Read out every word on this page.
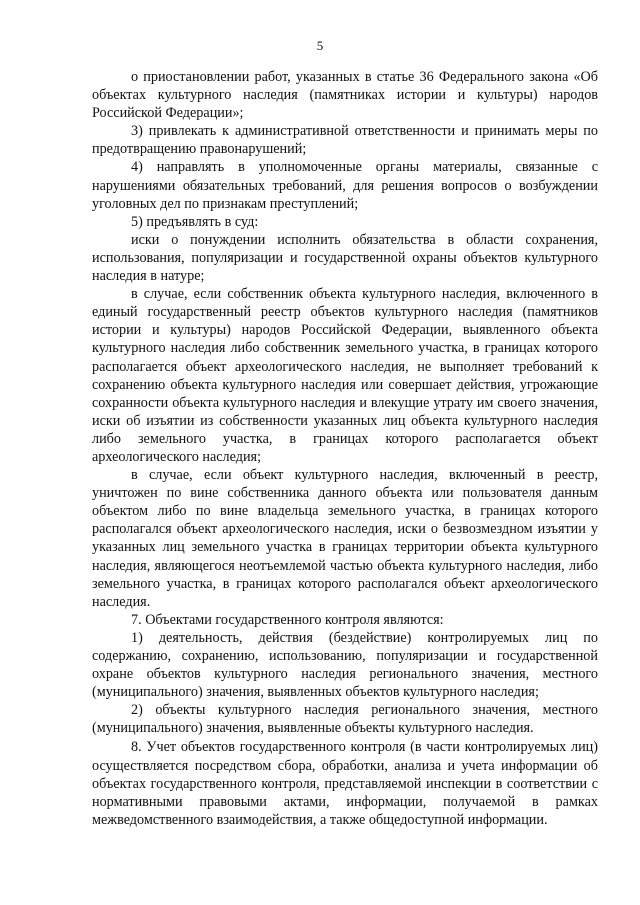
5

о приостановлении работ, указанных в статье 36 Федерального закона «Об объектах культурного наследия (памятниках истории и культуры) народов Российской Федерации»;

3) привлекать к административной ответственности и принимать меры по предотвращению правонарушений;

4) направлять в уполномоченные органы материалы, связанные с нарушениями обязательных требований, для решения вопросов о возбуждении уголовных дел по признакам преступлений;

5) предъявлять в суд:

иски о понуждении исполнить обязательства в области сохранения, использования, популяризации и государственной охраны объектов культурного наследия в натуре;

в случае, если собственник объекта культурного наследия, включенного в единый государственный реестр объектов культурного наследия (памятников истории и культуры) народов Российской Федерации, выявленного объекта культурного наследия либо собственник земельного участка, в границах которого располагается объект археологического наследия, не выполняет требований к сохранению объекта культурного наследия или совершает действия, угрожающие сохранности объекта культурного наследия и влекущие утрату им своего значения, иски об изъятии из собственности указанных лиц объекта культурного наследия либо земельного участка, в границах которого располагается объект археологического наследия;

в случае, если объект культурного наследия, включенный в реестр, уничтожен по вине собственника данного объекта или пользователя данным объектом либо по вине владельца земельного участка, в границах которого располагался объект археологического наследия, иски о безвозмездном изъятии у указанных лиц земельного участка в границах территории объекта культурного наследия, являющегося неотъемлемой частью объекта культурного наследия, либо земельного участка, в границах которого располагался объект археологического наследия.

7. Объектами государственного контроля являются:

1) деятельность, действия (бездействие) контролируемых лиц по содержанию, сохранению, использованию, популяризации и государственной охране объектов культурного наследия регионального значения, местного (муниципального) значения, выявленных объектов культурного наследия;

2) объекты культурного наследия регионального значения, местного (муниципального) значения, выявленные объекты культурного наследия.

8. Учет объектов государственного контроля (в части контролируемых лиц) осуществляется посредством сбора, обработки, анализа и учета информации об объектах государственного контроля, представляемой инспекции в соответствии с нормативными правовыми актами, информации, получаемой в рамках межведомственного взаимодействия, а также общедоступной информации.
